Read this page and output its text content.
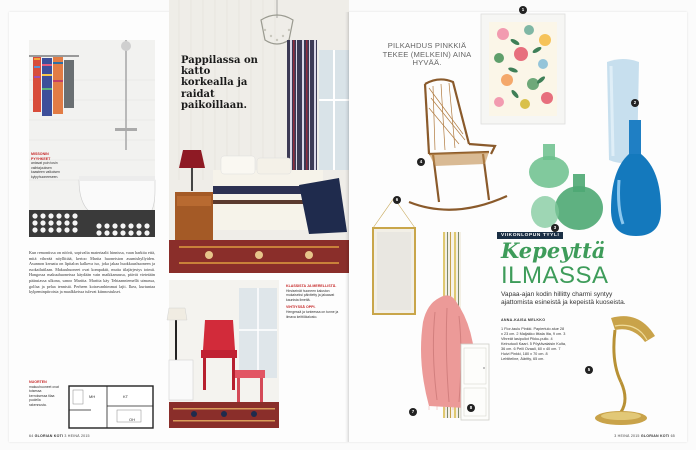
MISSONIN PYYHKEET
antavat puin tosin vaihtajuuksen kaasteen valkoisen kylpyhuoneeseen.
Pappilassa on katto korkealla ja raidat paikoillaan.
Kun remontissa on nöörit, sopivalta materiaalit hinnissa, vaan harkita että, mitä vihreää nöyllittää, kertoo Marita huoneiston asumishyllyiden. Asunnon kreaatu on lipitalon kalkeva iso, joka jakaa huokkaushuoneen ja ruokailutilaan. Makuuhuoneet ovat kompaktit, mutta tilajärjestys toimii. Hangossa makuuhuoneissa käydään vain maikkamassa, päivät vietetään pääasiassa ulkona, sanoo Maritta. Maritta käy Tehtaanniemellä uimassa, golfaa ja pelaa tennistä. Perheen koiravanhimmat lajit. Ikea, kurtuntaa kylpeminpiiroista ja maalkkeissa tulevat kiinnostukset.
NUORTEN
makuuhuoneet ovat toisessa kerroksessa tilaa puolella rakennusta.
MH	KT
OH
KLASSISTA JA MERELLISTÄ.
Hirsiseinät huoneen kaluston mukaiseksi päivitetty ja jakaavat kaunista ilmettä.
VIHTIYSSÄ OPPI.
Hengessä ja tunteessa on tunne ja ilmava keittiökalusto.
64 GLORIAN KOTI 3 HEINÄ 2015
PILKAHDUS PINKKIÄ TEKEE (MELKEIN) AINA HYVÄÄ.
1
4
2
3
6
VIIKONLOPUN TYYLI
Kepeyttä
ILMASSA
Vapaa-ajan kodin hillitty charmi syntyy ajattomista esineistä ja kepeistä kuoseista.
ANNA-KAISA MELKKO
1 Flor-taulu Pinkki. Papiertulo alue 28 x 23 cm. 2 Maljakko Iittala Ilta, 9 cm. 3 Vihreät lasipullot Pikku-pullo. 4 Keinutuoli Kaari. 5 Pöytävalaisin Kulta, 36 cm. 6 Peili Ovaali, 60 x 40 cm. 7 Huivi Pinkki, 180 x 70 cm. 8 Lehtiteline, Ääritty, 65 cm.
7
8
5
3 HEINÄ 2015 GLORIAN KOTI 65
